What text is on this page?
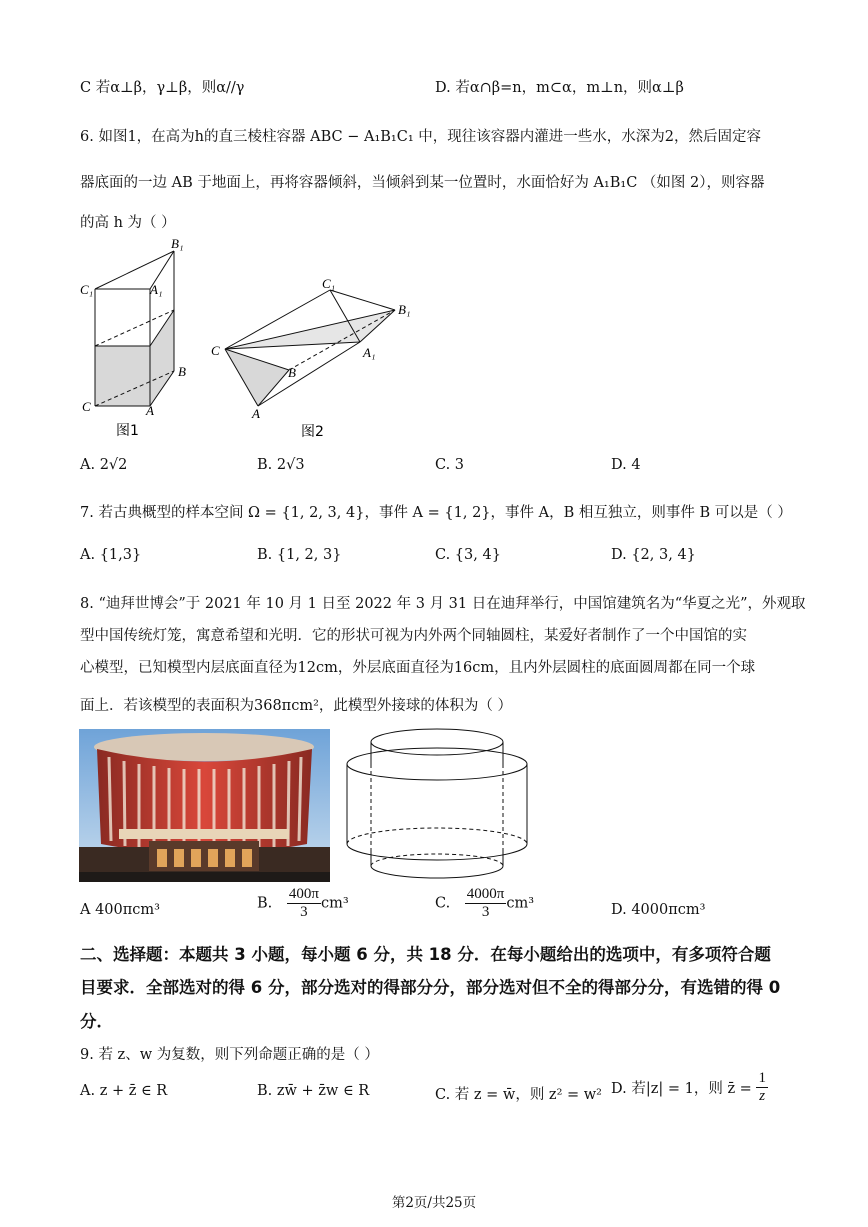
C 若α⊥β，γ⊥β，则α//γ	D. 若α∩β=n，m⊂α，m⊥n，则α⊥β
6. 如图1，在高为h的直三棱柱容器 ABC − A₁B₁C₁ 中，现往该容器内灌进一些水，水深为2，然后固定容
器底面的一边 AB 于地面上，再将容器倾斜，当倾斜到某一位置时，水面恰好为 A₁B₁C （如图 2），则容器
的高 h 为（ ）
B₁
C₁	A₁
B
C	A
图1
C₁
B₁
C	A₁
B
A
图2
A. 2√2	B. 2√3	C. 3	D. 4
7. 若古典概型的样本空间 Ω = {1, 2, 3, 4}，事件 A = {1, 2}，事件 A，B 相互独立，则事件 B 可以是（ ）
A. {1,3}	B. {1, 2, 3}	C. {3, 4}	D. {2, 3, 4}
8. “迪拜世博会”于 2021 年 10 月 1 日至 2022 年 3 月 31 日在迪拜举行，中国馆建筑名为“华夏之光”，外观取
型中国传统灯笼，寓意希望和光明．它的形状可视为内外两个同轴圆柱，某爱好者制作了一个中国馆的实
心模型，已知模型内层底面直径为12cm，外层底面直径为16cm，且内外层圆柱的底面圆周都在同一个球
面上．若该模型的表面积为368πcm²，此模型外接球的体积为（ ）
A 400πcm³	B. $\frac{400\pi}{3} cm^3$	C. $\frac{4000\pi}{3} cm^3$	D. 4000πcm³
二、选择题：本题共 3 小题，每小题 6 分，共 18 分．在每小题给出的选项中，有多项符合题
目要求．全部选对的得 6 分，部分选对的得部分分，部分选对但不全的得部分分，有选错的得 0
分．
9. 若 z、w 为复数，则下列命题正确的是（ ）
A. z + z̄ ∈ R	B. zw̄ + z̄w ∈ R	C. 若 z = w̄，则 z² = w² D. 若|z| = 1，则 z̄ = $\frac{1}{z}$
第2页/共25页
